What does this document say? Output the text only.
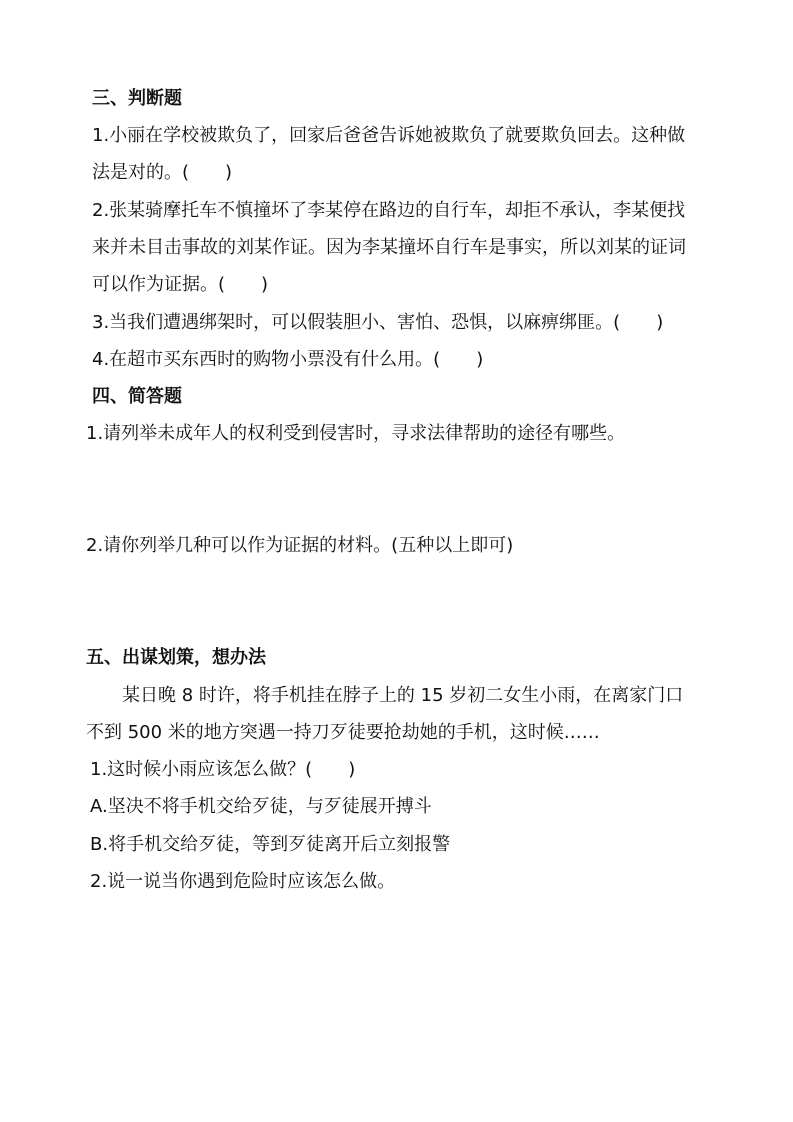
三、判断题
1.小丽在学校被欺负了，回家后爸爸告诉她被欺负了就要欺负回去。这种做
法是对的。(　　)
2.张某骑摩托车不慎撞坏了李某停在路边的自行车，却拒不承认，李某便找
来并未目击事故的刘某作证。因为李某撞坏自行车是事实，所以刘某的证词
可以作为证据。(　　)
3.当我们遭遇绑架时，可以假装胆小、害怕、恐惧，以麻痹绑匪。(　　)
4.在超市买东西时的购物小票没有什么用。(　　)
四、简答题
1.请列举未成年人的权利受到侵害时，寻求法律帮助的途径有哪些。
2.请你列举几种可以作为证据的材料。(五种以上即可)
五、出谋划策，想办法
某日晚 8 时许，将手机挂在脖子上的 15 岁初二女生小雨，在离家门口
不到 500 米的地方突遇一持刀歹徒要抢劫她的手机，这时候……
1.这时候小雨应该怎么做？(　　)
A.坚决不将手机交给歹徒，与歹徒展开搏斗
B.将手机交给歹徒，等到歹徒离开后立刻报警
2.说一说当你遇到危险时应该怎么做。
